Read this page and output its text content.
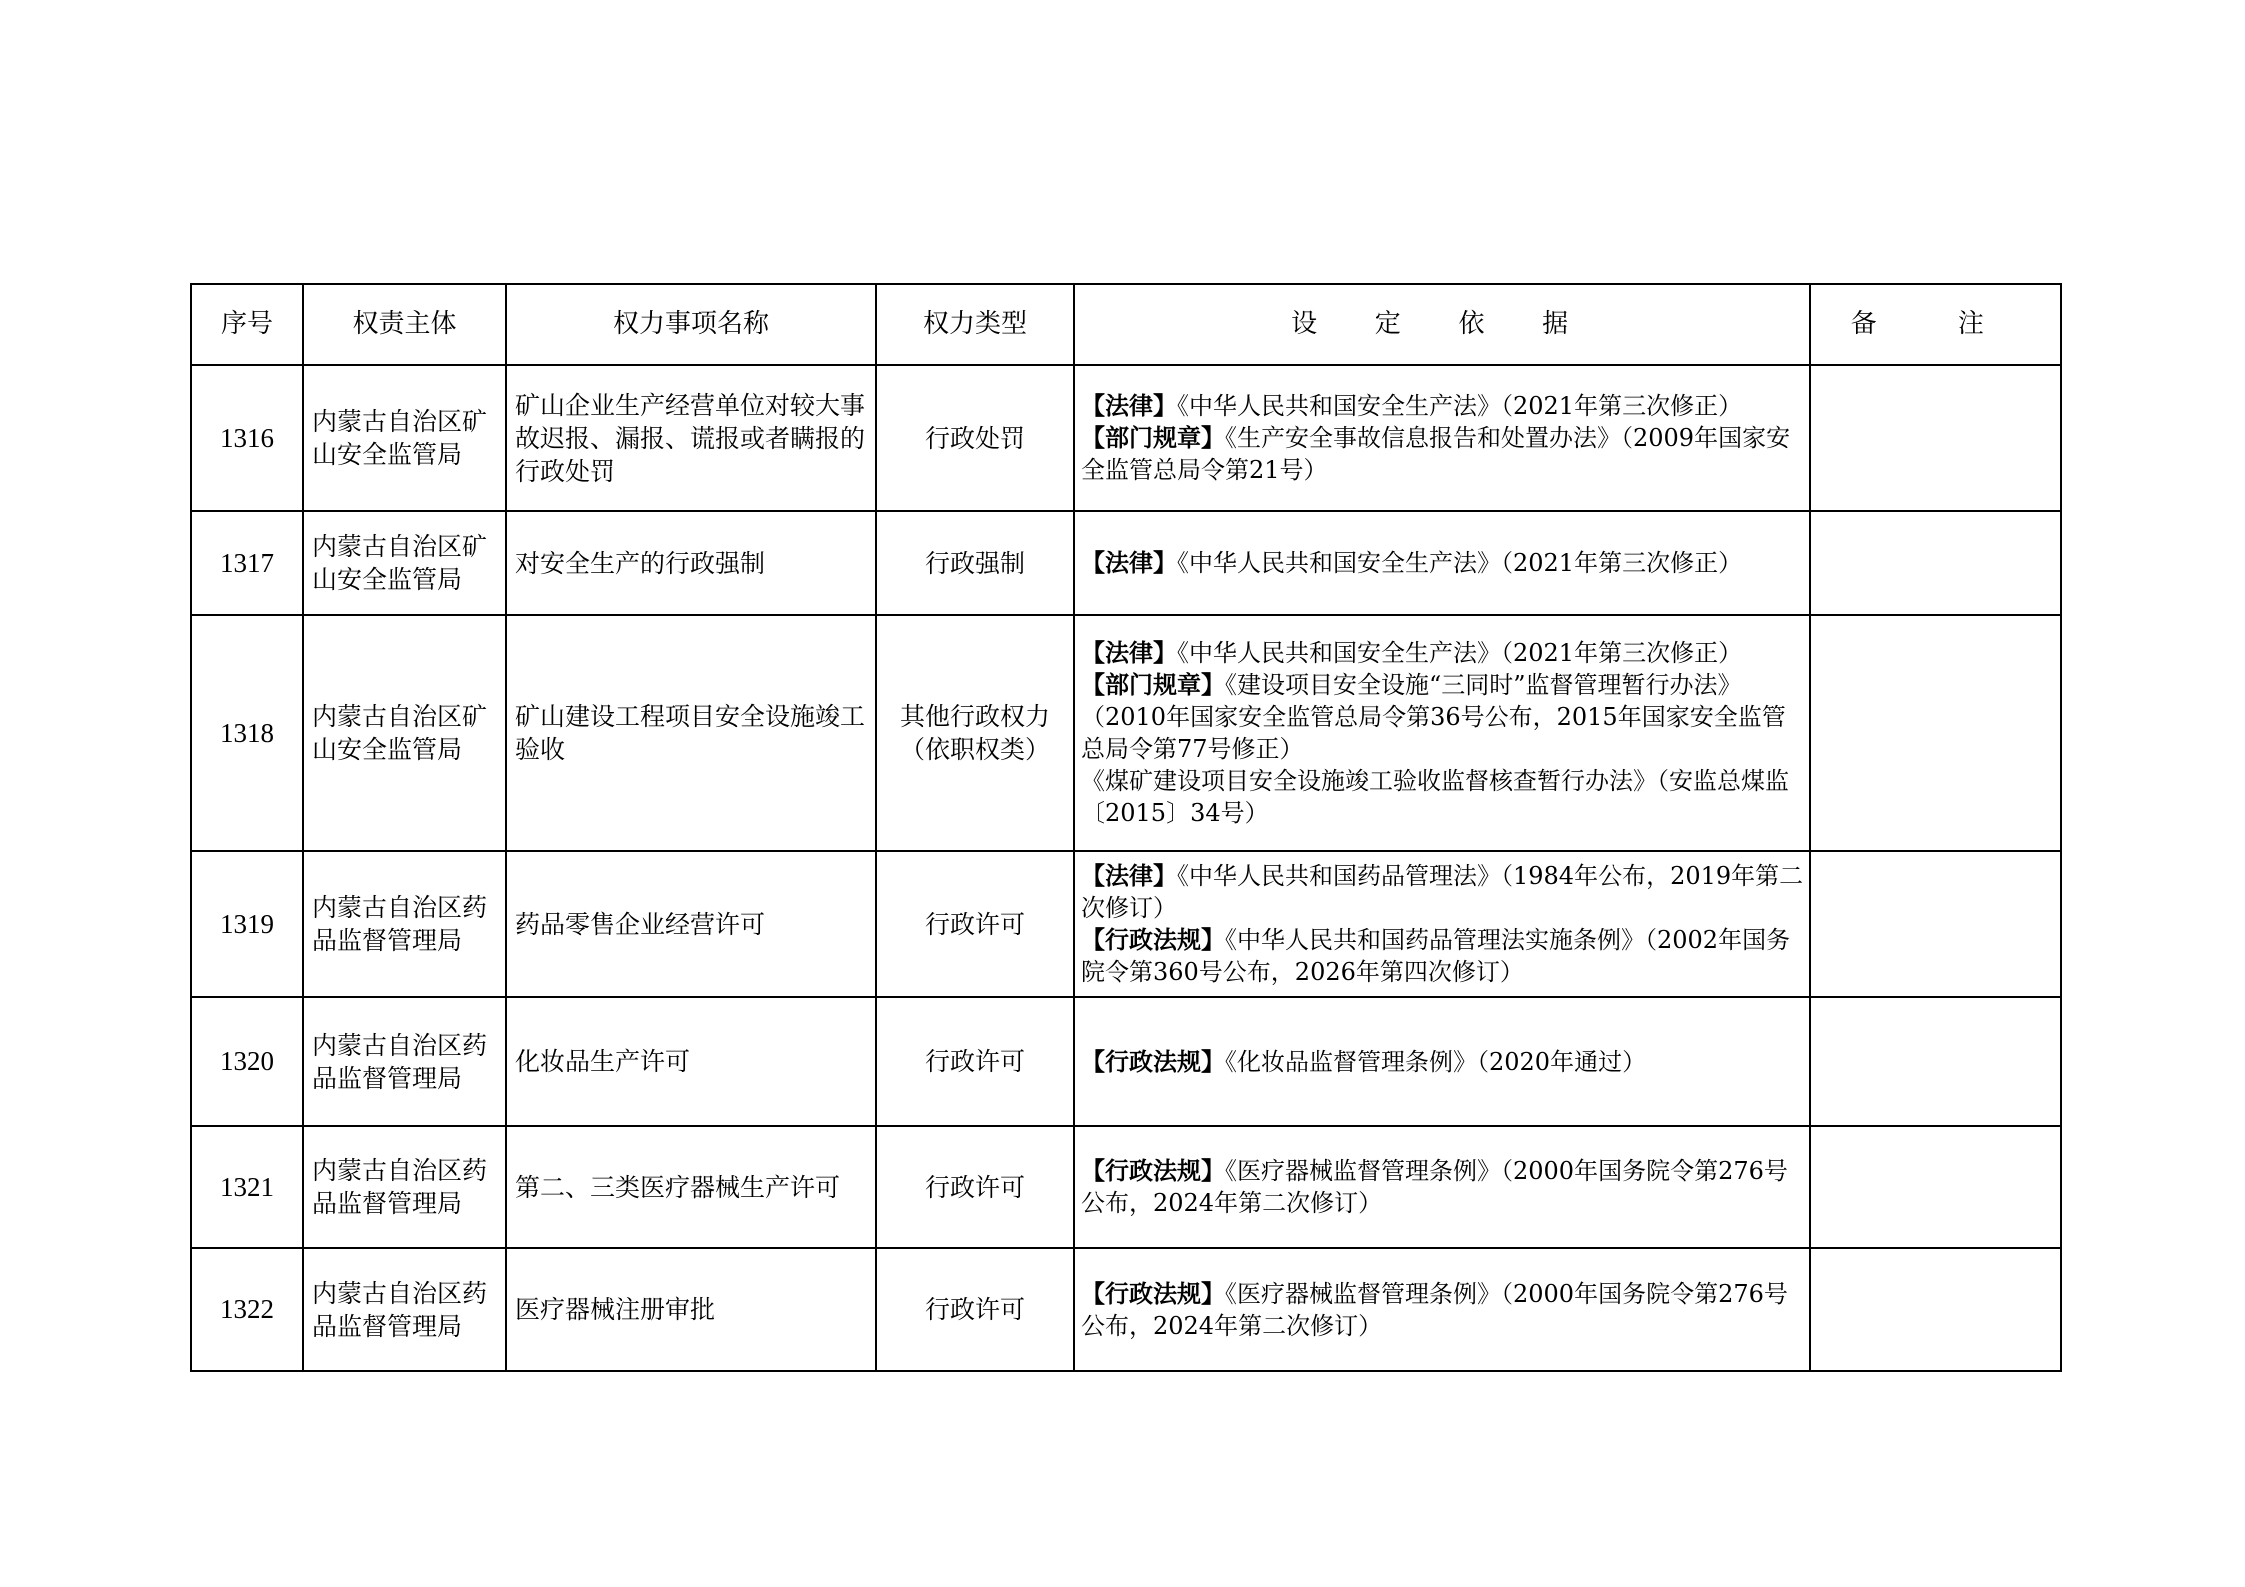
序号	权责主体	权力事项名称	权力类型	设 定 依 据	备 注
1316	内蒙古自治区矿山安全监管局	矿山企业生产经营单位对较大事故迟报、漏报、谎报或者瞒报的行政处罚	行政处罚	【法律】《中华人民共和国安全生产法》（2021年第三次修正）
【部门规章】《生产安全事故信息报告和处置办法》（2009年国家安全监管总局令第21号）	

1317	内蒙古自治区矿山安全监管局	对安全生产的行政强制	行政强制	【法律】《中华人民共和国安全生产法》（2021年第三次修正）	

1318	内蒙古自治区矿山安全监管局	矿山建设工程项目安全设施竣工验收	其他行政权力（依职权类）	【法律】《中华人民共和国安全生产法》（2021年第三次修正）
【部门规章】《建设项目安全设施“三同时”监督管理暂行办法》（2010年国家安全监管总局令第36号公布，2015年国家安全监管总局令第77号修正）
《煤矿建设项目安全设施竣工验收监督核查暂行办法》（安监总煤监〔2015〕34号）	

1319	内蒙古自治区药品监督管理局	药品零售企业经营许可	行政许可	【法律】《中华人民共和国药品管理法》（1984年公布，2019年第二次修订）
【行政法规】《中华人民共和国药品管理法实施条例》（2002年国务院令第360号公布，2026年第四次修订）	

1320	内蒙古自治区药品监督管理局	化妆品生产许可	行政许可	【行政法规】《化妆品监督管理条例》（2020年通过）	

1321	内蒙古自治区药品监督管理局	第二、三类医疗器械生产许可	行政许可	【行政法规】《医疗器械监督管理条例》（2000年国务院令第276号公布，2024年第二次修订）	

1322	内蒙古自治区药品监督管理局	医疗器械注册审批	行政许可	【行政法规】《医疗器械监督管理条例》（2000年国务院令第276号公布，2024年第二次修订）	
